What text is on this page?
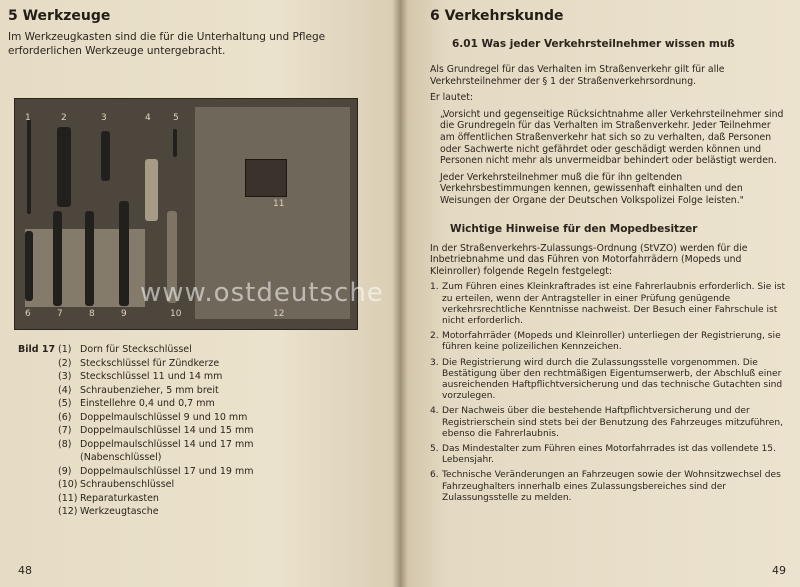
5 Werkzeuge

Im Werkzeugkasten sind die für die Unterhaltung und Pflege erforderlichen Werkzeuge untergebracht.

1	2	3	4 5
6	7	8	9	10
11
12
Bild 17 (1) Dorn für Steckschlüssel
(2) Steckschlüssel für Zündkerze
(3) Steckschlüssel 11 und 14 mm
(4) Schraubenzieher, 5 mm breit
(5) Einstellehre 0,4 und 0,7 mm
(6) Doppelmaulschlüssel 9 und 10 mm
(7) Doppelmaulschlüssel 14 und 15 mm
(8) Doppelmaulschlüssel 14 und 17 mm
(Nabenschlüssel)
(9) Doppelmaulschlüssel 17 und 19 mm
(10) Schraubenschlüssel
(11) Reparaturkasten
(12) Werkzeugtasche
48
6 Verkehrskunde
6.01 Was jeder Verkehrsteilnehmer wissen muß

Als Grundregel für das Verhalten im Straßenverkehr gilt für alle Verkehrsteilnehmer der § 1 der Straßenverkehrsordnung.

Er lautet:

„Vorsicht und gegenseitige Rücksichtnahme aller Verkehrsteilnehmer sind die Grundregeln für das Verhalten im Straßenverkehr. Jeder Teilnehmer am öffentlichen Straßenverkehr hat sich so zu verhalten, daß Personen oder Sachwerte nicht gefährdet oder geschädigt werden können und Personen nicht mehr als unvermeidbar behindert oder belästigt werden.

Jeder Verkehrsteilnehmer muß die für ihn geltenden Verkehrsbestimmungen kennen, gewissenhaft einhalten und den Weisungen der Organe der Deutschen Volkspolizei Folge leisten."

Wichtige Hinweise für den Mopedbesitzer

In der Straßenverkehrs-Zulassungs-Ordnung (StVZO) werden für die Inbetriebnahme und das Führen von Motorfahrrädern (Mopeds und Kleinroller) folgende Regeln festgelegt:

1. Zum Führen eines Kleinkraftrades ist eine Fahrerlaubnis erforderlich. Sie ist zu erteilen, wenn der Antragsteller in einer Prüfung genügende verkehrsrechtliche Kenntnisse nachweist. Der Besuch einer Fahrschule ist nicht erforderlich.
2. Motorfahrräder (Mopeds und Kleinroller) unterliegen der Registrierung, sie führen keine polizeilichen Kennzeichen.
3. Die Registrierung wird durch die Zulassungsstelle vorgenommen. Die Bestätigung über den rechtmäßigen Eigentumserwerb, der Abschluß einer ausreichenden Haftpflichtversicherung und das technische Gutachten sind vorzulegen.
4. Der Nachweis über die bestehende Haftpflichtversicherung und der Registrierschein sind stets bei der Benutzung des Fahrzeuges mitzuführen, ebenso die Fahrerlaubnis.
5. Das Mindestalter zum Führen eines Motorfahrrades ist das vollendete 15. Lebensjahr.
6. Technische Veränderungen an Fahrzeugen sowie der Wohnsitzwechsel des Fahrzeughalters innerhalb eines Zulassungsbereiches sind der Zulassungsstelle zu melden.
49
www.ostdeutsche
